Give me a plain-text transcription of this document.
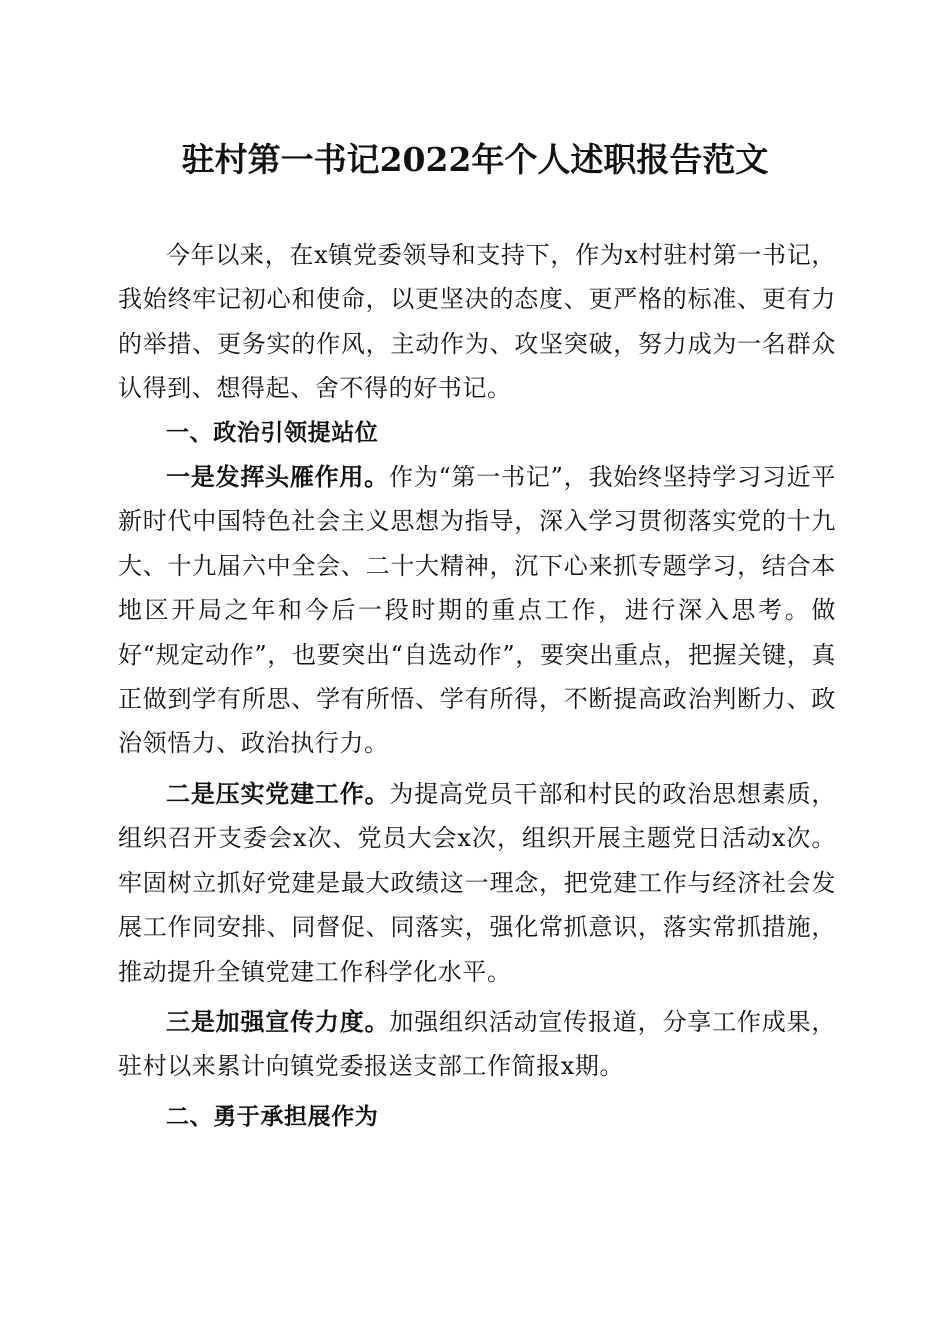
驻村第一书记2022年个人述职报告范文

今年以来，在x镇党委领导和支持下，作为x村驻村第一书记，我始终牢记初心和使命，以更坚决的态度、更严格的标准、更有力的举措、更务实的作风，主动作为、攻坚突破，努力成为一名群众认得到、想得起、舍不得的好书记。

一、政治引领提站位

一是发挥头雁作用。作为“第一书记”，我始终坚持学习习近平新时代中国特色社会主义思想为指导，深入学习贯彻落实党的十九大、十九届六中全会、二十大精神，沉下心来抓专题学习，结合本地区开局之年和今后一段时期的重点工作，进行深入思考。做好“规定动作”，也要突出“自选动作”，要突出重点，把握关键，真正做到学有所思、学有所悟、学有所得，不断提高政治判断力、政治领悟力、政治执行力。

二是压实党建工作。为提高党员干部和村民的政治思想素质，组织召开支委会x次、党员大会x次，组织开展主题党日活动x次。牢固树立抓好党建是最大政绩这一理念，把党建工作与经济社会发展工作同安排、同督促、同落实，强化常抓意识，落实常抓措施，推动提升全镇党建工作科学化水平。

三是加强宣传力度。加强组织活动宣传报道，分享工作成果，驻村以来累计向镇党委报送支部工作简报x期。

二、勇于承担展作为
